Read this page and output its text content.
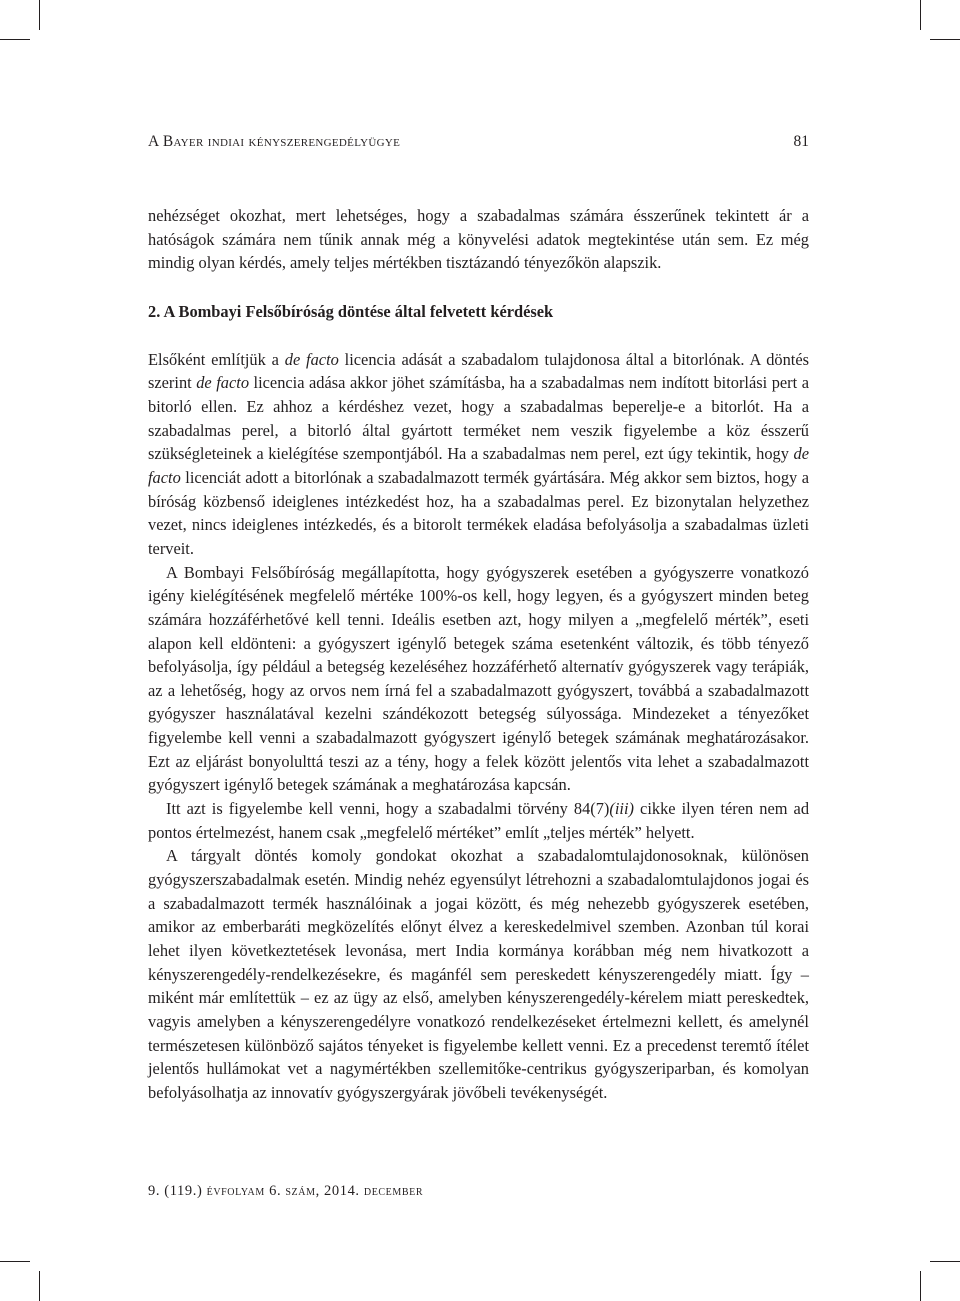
A Bayer indiai kényszerengedélyügye	81

nehézséget okozhat, mert lehetséges, hogy a szabadalmas számára ésszerűnek tekintett ár a hatóságok számára nem tűnik annak még a könyvelési adatok megtekintése után sem. Ez még mindig olyan kérdés, amely teljes mértékben tisztázandó tényezőkön alapszik.

2. A Bombayi Felsőbíróság döntése által felvetett kérdések

Elsőként említjük a de facto licencia adását a szabadalom tulajdonosa által a bitorlónak. A döntés szerint de facto licencia adása akkor jöhet számításba, ha a szabadalmas nem indított bitorlási pert a bitorló ellen. Ez ahhoz a kérdéshez vezet, hogy a szabadalmas beperelje-e a bitorlót. Ha a szabadalmas perel, a bitorló által gyártott terméket nem veszik figyelembe a köz ésszerű szükségleteinek a kielégítése szempontjából. Ha a szabadalmas nem perel, ezt úgy tekintik, hogy de facto licenciát adott a bitorlónak a szabadalmazott termék gyártására. Még akkor sem biztos, hogy a bíróság közbenső ideiglenes intézkedést hoz, ha a szabadalmas perel. Ez bizonytalan helyzethez vezet, nincs ideiglenes intézkedés, és a bitorolt termékek eladása befolyásolja a szabadalmas üzleti terveit.

A Bombayi Felsőbíróság megállapította, hogy gyógyszerek esetében a gyógyszerre vonatkozó igény kielégítésének megfelelő mértéke 100%-os kell, hogy legyen, és a gyógyszert minden beteg számára hozzáférhetővé kell tenni. Ideális esetben azt, hogy milyen a „megfelelő mérték”, eseti alapon kell eldönteni: a gyógyszert igénylő betegek száma esetenként változik, és több tényező befolyásolja, így például a betegség kezeléséhez hozzáférhető alternatív gyógyszerek vagy terápiák, az a lehetőség, hogy az orvos nem írná fel a szabadalmazott gyógyszert, továbbá a szabadalmazott gyógyszer használatával kezelni szándékozott betegség súlyossága. Mindezeket a tényezőket figyelembe kell venni a szabadalmazott gyógyszert igénylő betegek számának meghatározásakor. Ezt az eljárást bonyolulttá teszi az a tény, hogy a felek között jelentős vita lehet a szabadalmazott gyógyszert igénylő betegek számának a meghatározása kapcsán.

Itt azt is figyelembe kell venni, hogy a szabadalmi törvény 84(7)(iii) cikke ilyen téren nem ad pontos értelmezést, hanem csak „megfelelő mértéket” említ „teljes mérték” helyett.

A tárgyalt döntés komoly gondokat okozhat a szabadalomtulajdonosoknak, különösen gyógyszerszabadalmak esetén. Mindig nehéz egyensúlyt létrehozni a szabadalomtulajdonos jogai és a szabadalmazott termék használóinak a jogai között, és még nehezebb gyógyszerek esetében, amikor az emberbaráti megközelítés előnyt élvez a kereskedelmivel szemben. Azonban túl korai lehet ilyen következtetések levonása, mert India kormánya korábban még nem hivatkozott a kényszerengedély-rendelkezésekre, és magánfél sem pereskedett kényszerengedély miatt. Így – miként már említettük – ez az ügy az első, amelyben kényszerengedély-kérelem miatt pereskedtek, vagyis amelyben a kényszerengedélyre vonatkozó rendelkezéseket értelmezni kellett, és amelynél természetesen különböző sajátos tényeket is figyelembe kellett venni. Ez a precedenst teremtő ítélet jelentős hullámokat vet a nagymértékben szellemitőke-centrikus gyógyszeriparban, és komolyan befolyásolhatja az innovatív gyógyszergyárak jövőbeli tevékenységét.

9. (119.) évfolyam 6. szám, 2014. december
